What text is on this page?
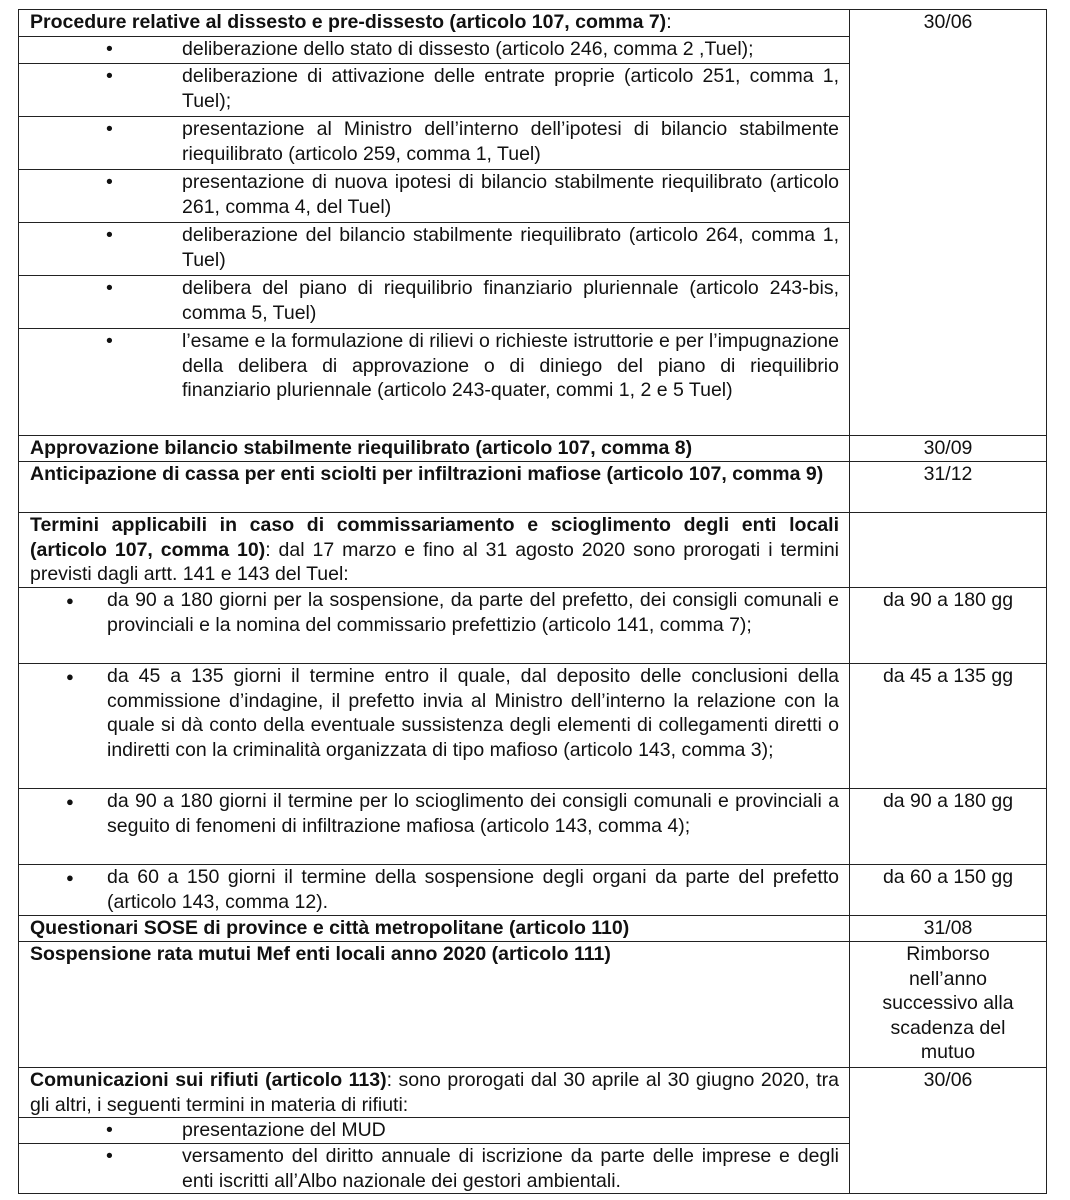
Procedure relative al dissesto e pre-dissesto (articolo 107, comma 7):	30/06

•
deliberazione dello stato di dissesto (articolo 246, comma 2 ,Tuel);

•
deliberazione di attivazione delle entrate proprie (articolo 251, comma 1, Tuel);

•
presentazione al Ministro dell’interno dell’ipotesi di bilancio stabilmente riequilibrato (articolo 259, comma 1, Tuel)

•
presentazione di nuova ipotesi di bilancio stabilmente riequilibrato (articolo 261, comma 4, del Tuel)

•
deliberazione del bilancio stabilmente riequilibrato (articolo 264, comma 1, Tuel)

•
delibera del piano di riequilibrio finanziario pluriennale (articolo 243-bis, comma 5, Tuel)

•
l’esame e la formulazione di rilievi o richieste istruttorie e per l’impugnazione della delibera di approvazione o di diniego del piano di riequilibrio finanziario pluriennale (articolo 243-quater, commi 1, 2 e 5 Tuel)

Approvazione bilancio stabilmente riequilibrato (articolo 107, comma 8)	30/09
Anticipazione di cassa per enti sciolti per infiltrazioni mafiose (articolo 107, comma 9)	31/12
Termini applicabili in caso di commissariamento e scioglimento degli enti locali (articolo 107, comma 10): dal 17 marzo e fino al 31 agosto 2020 sono prorogati i termini previsti dagli artt. 141 e 143 del Tuel:	

●
da 90 a 180 giorni per la sospensione, da parte del prefetto, dei consigli comunali e provinciali e la nomina del commissario prefettizio (articolo 141, comma 7);	da 90 a 180 gg

●
da 45 a 135 giorni il termine entro il quale, dal deposito delle conclusioni della commissione d’indagine, il prefetto invia al Ministro dell’interno la relazione con la quale si dà conto della eventuale sussistenza degli elementi di collegamenti diretti o indiretti con la criminalità organizzata di tipo mafioso (articolo 143, comma 3);	da 45 a 135 gg

●
da 90 a 180 giorni il termine per lo scioglimento dei consigli comunali e provinciali a seguito di fenomeni di infiltrazione mafiosa (articolo 143, comma 4);	da 90 a 180 gg

●
da 60 a 150 giorni il termine della sospensione degli organi da parte del prefetto (articolo 143, comma 12).	da 60 a 150 gg
Questionari SOSE di province e città metropolitane (articolo 110)	31/08
Sospensione rata mutui Mef enti locali anno 2020 (articolo 111)	Rimborso nell’anno successivo alla scadenza del mutuo
Comunicazioni sui rifiuti (articolo 113): sono prorogati dal 30 aprile al 30 giugno 2020, tra gli altri, i seguenti termini in materia di rifiuti:	30/06

•
presentazione del MUD

•
versamento del diritto annuale di iscrizione da parte delle imprese e degli enti iscritti all’Albo nazionale dei gestori ambientali.
